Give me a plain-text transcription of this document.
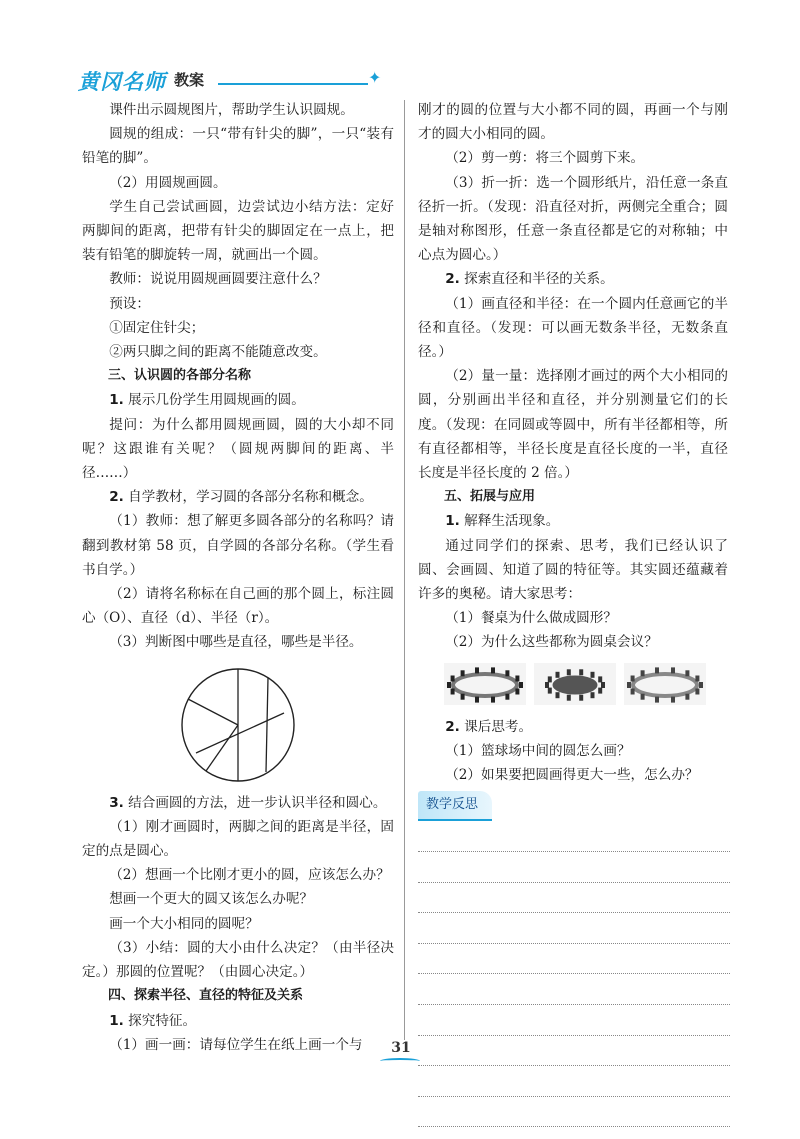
黄冈名师 教案	✦

课件出示圆规图片，帮助学生认识圆规。

圆规的组成：一只“带有针尖的脚”，一只“装有铅笔的脚”。

（2）用圆规画圆。

学生自己尝试画圆，边尝试边小结方法：定好两脚间的距离，把带有针尖的脚固定在一点上，把装有铅笔的脚旋转一周，就画出一个圆。

教师：说说用圆规画圆要注意什么？

预设：

①固定住针尖；

②两只脚之间的距离不能随意改变。

三、认识圆的各部分名称

1. 展示几份学生用圆规画的圆。

提问：为什么都用圆规画圆，圆的大小却不同呢？这跟谁有关呢？（圆规两脚间的距离、半径……）

2. 自学教材，学习圆的各部分名称和概念。

（1）教师：想了解更多圆各部分的名称吗？请翻到教材第 58 页，自学圆的各部分名称。（学生看书自学。）

（2）请将名称标在自己画的那个圆上，标注圆心（O）、直径（d）、半径（r）。

（3）判断图中哪些是直径，哪些是半径。

3. 结合画圆的方法，进一步认识半径和圆心。

（1）刚才画圆时，两脚之间的距离是半径，固定的点是圆心。

（2）想画一个比刚才更小的圆，应该怎么办？

想画一个更大的圆又该怎么办呢？

画一个大小相同的圆呢？

（3）小结：圆的大小由什么决定？（由半径决定。）那圆的位置呢？（由圆心决定。）

四、探索半径、直径的特征及关系

1. 探究特征。

（1）画一画：请每位学生在纸上画一个与

刚才的圆的位置与大小都不同的圆，再画一个与刚才的圆大小相同的圆。

（2）剪一剪：将三个圆剪下来。

（3）折一折：选一个圆形纸片，沿任意一条直径折一折。（发现：沿直径对折，两侧完全重合；圆是轴对称图形，任意一条直径都是它的对称轴；中心点为圆心。）

2. 探索直径和半径的关系。

（1）画直径和半径：在一个圆内任意画它的半径和直径。（发现：可以画无数条半径，无数条直径。）

（2）量一量：选择刚才画过的两个大小相同的圆，分别画出半径和直径，并分别测量它们的长度。（发现：在同圆或等圆中，所有半径都相等，所有直径都相等，半径长度是直径长度的一半，直径长度是半径长度的 2 倍。）

五、拓展与应用

1. 解释生活现象。

通过同学们的探索、思考，我们已经认识了圆、会画圆、知道了圆的特征等。其实圆还蕴藏着许多的奥秘。请大家思考：

（1）餐桌为什么做成圆形？

（2）为什么这些都称为圆桌会议？

2. 课后思考。

（1）篮球场中间的圆怎么画？

（2）如果要把圆画得更大一些，怎么办？

教学反思
31
